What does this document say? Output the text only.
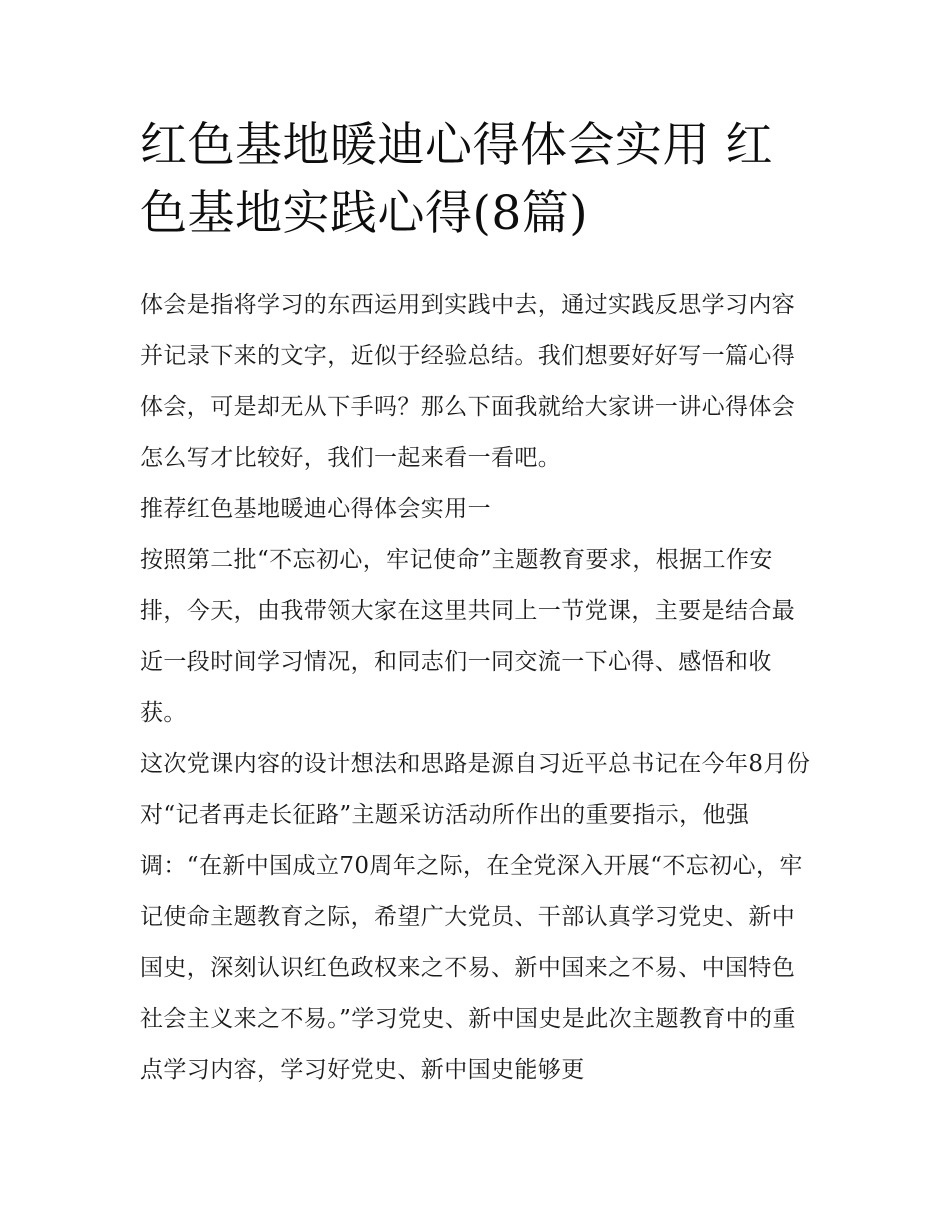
红色基地暖迪心得体会实用 红色基地实践心得(8篇)

体会是指将学习的东西运用到实践中去，通过实践反思学习内容并记录下来的文字，近似于经验总结。我们想要好好写一篇心得体会，可是却无从下手吗？那么下面我就给大家讲一讲心得体会怎么写才比较好，我们一起来看一看吧。

推荐红色基地暖迪心得体会实用一

按照第二批“不忘初心，牢记使命”主题教育要求，根据工作安排，今天，由我带领大家在这里共同上一节党课，主要是结合最近一段时间学习情况，和同志们一同交流一下心得、感悟和收获。

这次党课内容的设计想法和思路是源自习近平总书记在今年8月份对“记者再走长征路”主题采访活动所作出的重要指示，他强调：“在新中国成立70周年之际，在全党深入开展“不忘初心，牢记使命主题教育之际，希望广大党员、干部认真学习党史、新中国史，深刻认识红色政权来之不易、新中国来之不易、中国特色社会主义来之不易。”学习党史、新中国史是此次主题教育中的重点学习内容，学习好党史、新中国史能够更
